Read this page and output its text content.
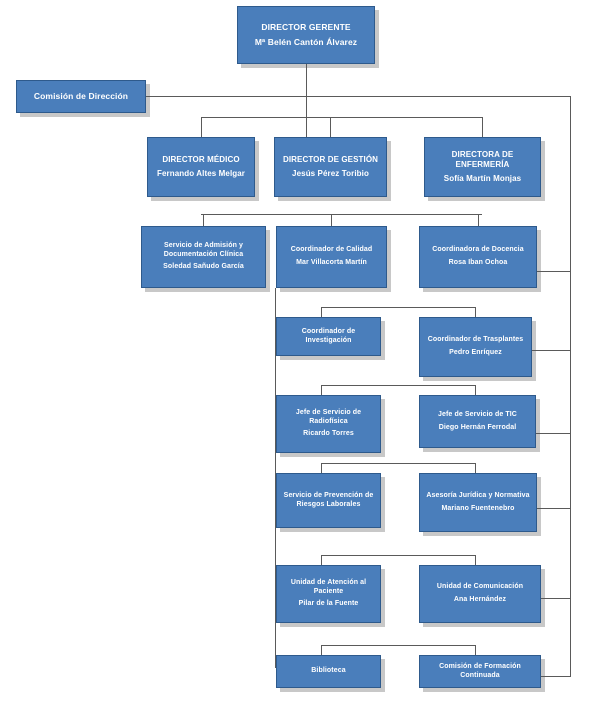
DIRECTOR GERENTE
Mª Belén Cantón Álvarez
Comisión de Dirección
DIRECTOR MÉDICO
Fernando Altes Melgar
DIRECTOR DE GESTIÓN
Jesús Pérez Toribio
DIRECTORA DE ENFERMERÍA
Sofía Martín Monjas
Servicio de Admisión y Documentación Clínica
Soledad Sañudo García
Coordinador de Calidad
Mar Villacorta Martín
Coordinadora de Docencia
Rosa Iban Ochoa
Coordinador de Investigación	Coordinador de Trasplantes
Pedro Enríquez
Jefe de Servicio de Radiofísica
Ricardo Torres
Jefe de Servicio de TIC
Diego Hernán Ferrodal
Servicio de Prevención de Riesgos Laborales
Asesoría Jurídica y Normativa
Mariano Fuentenebro
Unidad de Atención al Paciente
Pilar de la Fuente
Unidad de Comunicación
Ana Hernández
Biblioteca
Comisión de Formación Continuada
